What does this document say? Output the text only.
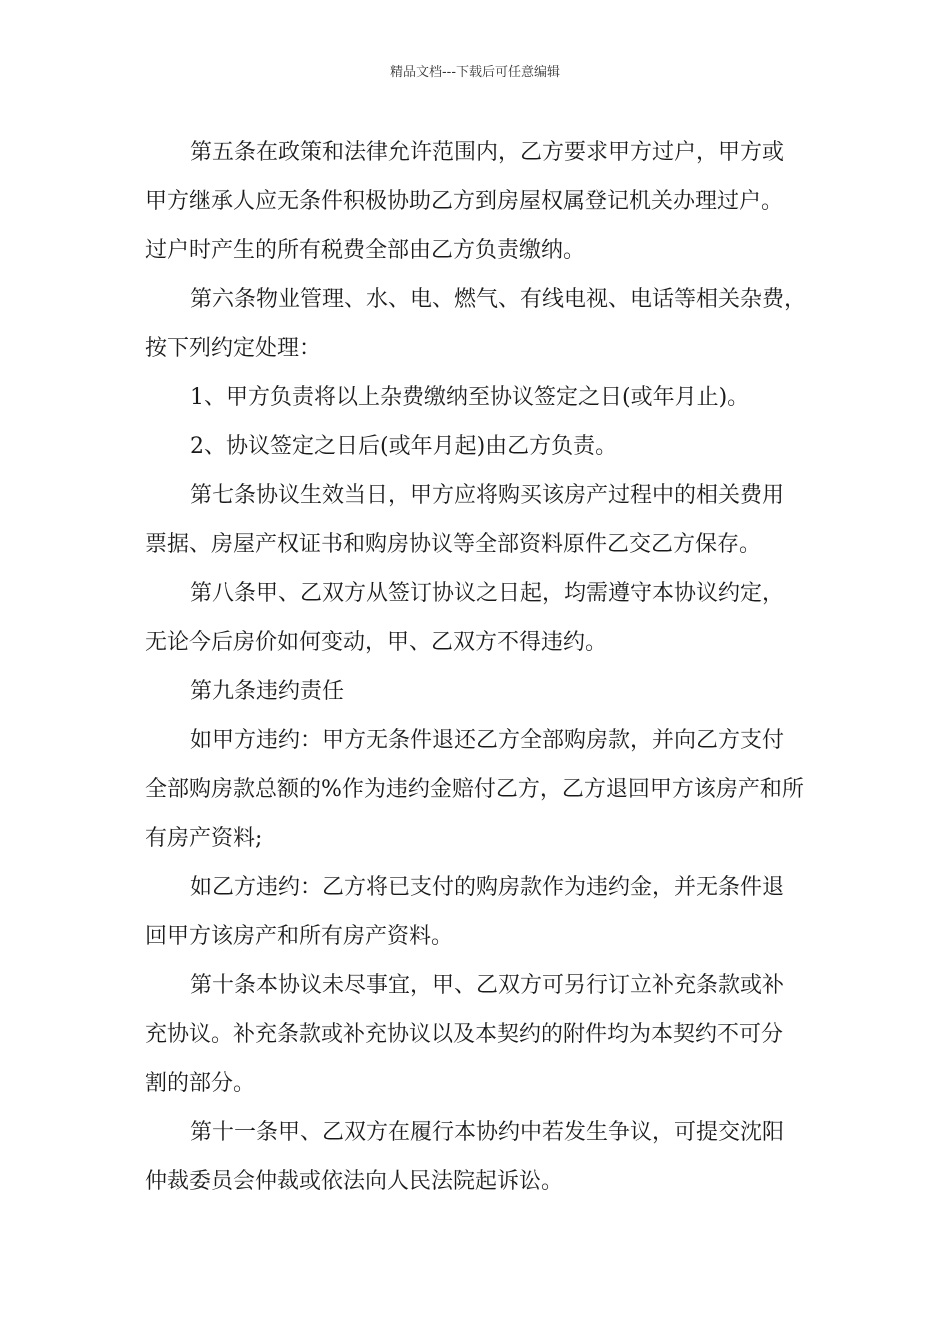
精品文档---下载后可任意编辑
第五条在政策和法律允许范围内，乙方要求甲方过户，甲方或
甲方继承人应无条件积极协助乙方到房屋权属登记机关办理过户。
过户时产生的所有税费全部由乙方负责缴纳。
第六条物业管理、水、电、燃气、有线电视、电话等相关杂费，
按下列约定处理：
1、甲方负责将以上杂费缴纳至协议签定之日(或年月止)。
2、协议签定之日后(或年月起)由乙方负责。
第七条协议生效当日，甲方应将购买该房产过程中的相关费用
票据、房屋产权证书和购房协议等全部资料原件乙交乙方保存。
第八条甲、乙双方从签订协议之日起，均需遵守本协议约定，
无论今后房价如何变动，甲、乙双方不得违约。
第九条违约责任
如甲方违约：甲方无条件退还乙方全部购房款，并向乙方支付
全部购房款总额的%作为违约金赔付乙方，乙方退回甲方该房产和所
有房产资料;
如乙方违约：乙方将已支付的购房款作为违约金，并无条件退
回甲方该房产和所有房产资料。
第十条本协议未尽事宜，甲、乙双方可另行订立补充条款或补
充协议。补充条款或补充协议以及本契约的附件均为本契约不可分
割的部分。
第十一条甲、乙双方在履行本协约中若发生争议，可提交沈阳
仲裁委员会仲裁或依法向人民法院起诉讼。
